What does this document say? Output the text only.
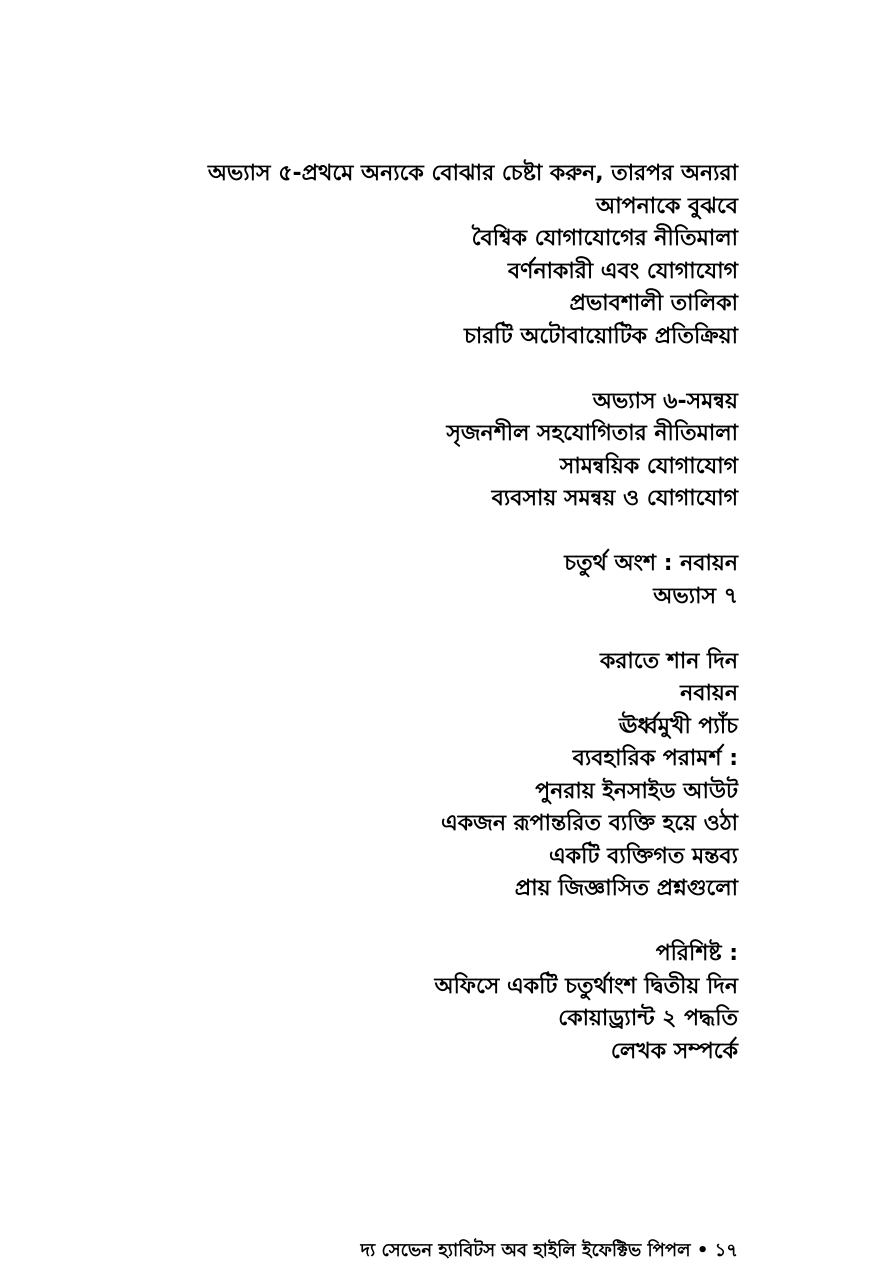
অভ্যাস ৫-প্রথমে অন্যকে বোঝার চেষ্টা করুন, তারপর অন্যরা আপনাকে বুঝবে
বৈশ্বিক যোগাযোগের নীতিমালা
বর্ণনাকারী এবং যোগাযোগ
প্রভাবশালী তালিকা
চারটি অটোবায়োটিক প্রতিক্রিয়া
অভ্যাস ৬-সমন্বয়
সৃজনশীল সহযোগিতার নীতিমালা
সামন্বয়িক যোগাযোগ
ব্যবসায় সমন্বয় ও যোগাযোগ
চতুর্থ অংশ : নবায়ন
অভ্যাস ৭
করাতে শান দিন
নবায়ন
ঊর্ধ্বমুখী প্যাঁচ
ব্যবহারিক পরামর্শ :
পুনরায় ইনসাইড আউট
একজন রূপান্তরিত ব্যক্তি হয়ে ওঠা
একটি ব্যক্তিগত মন্তব্য
প্রায় জিজ্ঞাসিত প্রশ্নগুলো
পরিশিষ্ট :
অফিসে একটি চতুর্থাংশ দ্বিতীয় দিন
কোয়াড্র্যান্ট ২ পদ্ধতি
লেখক সম্পর্কে
দ্য সেভেন হ্যাবিটস অব হাইলি ইফেক্টিভ পিপল • ১৭
